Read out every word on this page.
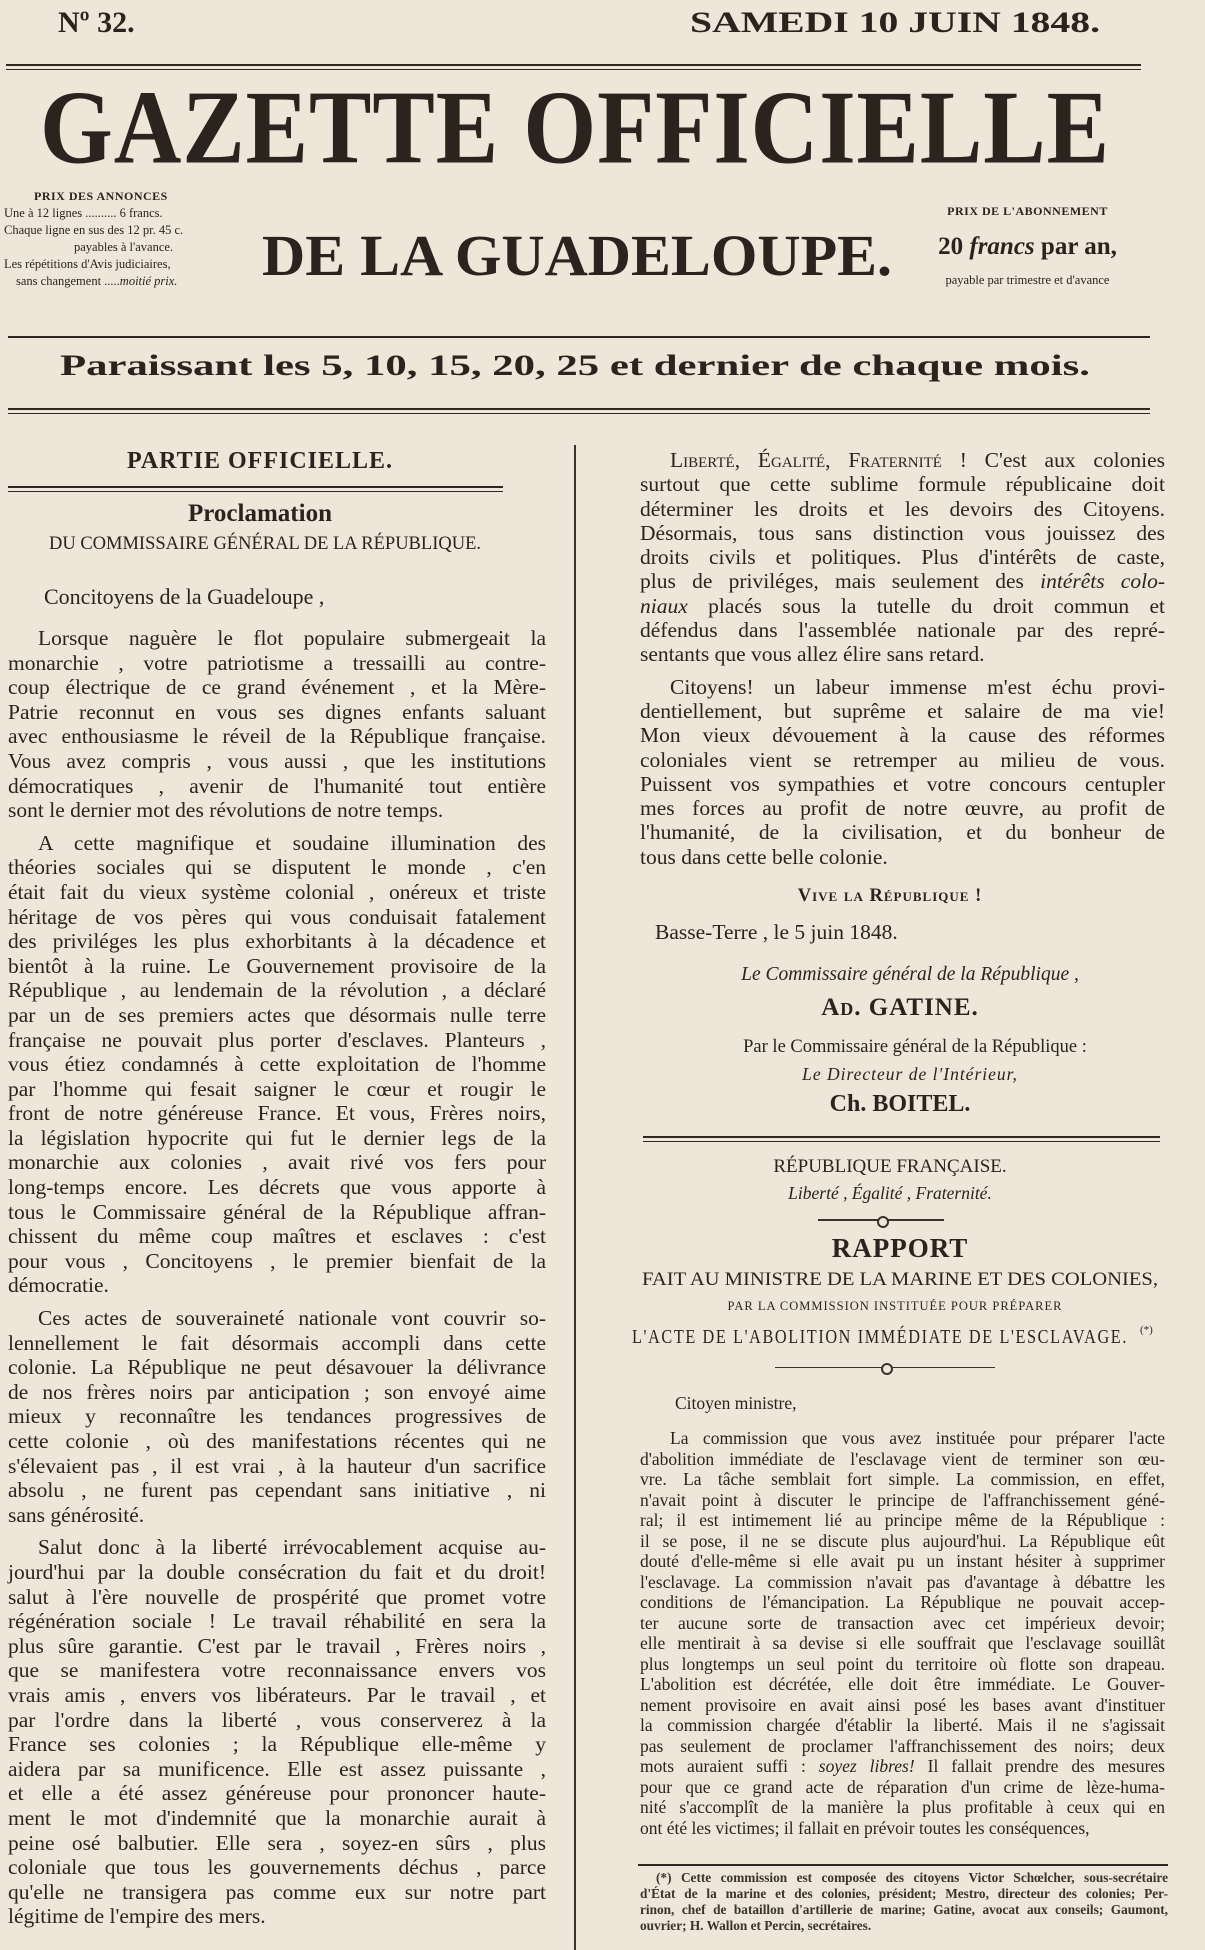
Nº 32.	SAMEDI 10 JUIN 1848.
GAZETTE OFFICIELLE
PRIX DES ANNONCES
Une à 12 lignes .......... 6 francs.
Chaque ligne en sus des 12 pr. 45 c.
payables à l'avance.
Les répétitions d'Avis judiciaires,
sans changement .....moitié prix.	DE LA GUADELOUPE.
PRIX DE L'ABONNEMENT
20 francs par an,
payable par trimestre et d'avance
Paraissant les 5, 10, 15, 20, 25 et dernier de chaque mois.
PARTIE OFFICIELLE.
Proclamation
DU COMMISSAIRE GÉNÉRAL DE LA RÉPUBLIQUE.
Concitoyens de la Guadeloupe ,
Lorsque naguère le flot populaire submergeait la
monarchie , votre patriotisme a tressailli au contre-
coup électrique de ce grand événement , et la Mère-
Patrie reconnut en vous ses dignes enfants saluant
avec enthousiasme le réveil de la République française.
Vous avez compris , vous aussi , que les institutions
démocratiques , avenir de l'humanité tout entière
sont le dernier mot des révolutions de notre temps.
A cette magnifique et soudaine illumination des
théories sociales qui se disputent le monde , c'en
était fait du vieux système colonial , onéreux et triste
héritage de vos pères qui vous conduisait fatalement
des priviléges les plus exhorbitants à la décadence et
bientôt à la ruine. Le Gouvernement provisoire de la
République , au lendemain de la révolution , a déclaré
par un de ses premiers actes que désormais nulle terre
française ne pouvait plus porter d'esclaves. Planteurs ,
vous étiez condamnés à cette exploitation de l'homme
par l'homme qui fesait saigner le cœur et rougir le
front de notre généreuse France. Et vous, Frères noirs,
la législation hypocrite qui fut le dernier legs de la
monarchie aux colonies , avait rivé vos fers pour
long-temps encore. Les décrets que vous apporte à
tous le Commissaire général de la République affran-
chissent du même coup maîtres et esclaves : c'est
pour vous , Concitoyens , le premier bienfait de la
démocratie.
Ces actes de souveraineté nationale vont couvrir so-
lennellement le fait désormais accompli dans cette
colonie. La République ne peut désavouer la délivrance
de nos frères noirs par anticipation ; son envoyé aime
mieux y reconnaître les tendances progressives de
cette colonie , où des manifestations récentes qui ne
s'élevaient pas , il est vrai , à la hauteur d'un sacrifice
absolu , ne furent pas cependant sans initiative , ni
sans générosité.
Salut donc à la liberté irrévocablement acquise au-
jourd'hui par la double consécration du fait et du droit!
salut à l'ère nouvelle de prospérité que promet votre
régénération sociale ! Le travail réhabilité en sera la
plus sûre garantie. C'est par le travail , Frères noirs ,
que se manifestera votre reconnaissance envers vos
vrais amis , envers vos libérateurs. Par le travail , et
par l'ordre dans la liberté , vous conserverez à la
France ses colonies ; la République elle-même y
aidera par sa munificence. Elle est assez puissante ,
et elle a été assez généreuse pour prononcer haute-
ment le mot d'indemnité que la monarchie aurait à
peine osé balbutier. Elle sera , soyez-en sûrs , plus
coloniale que tous les gouvernements déchus , parce
qu'elle ne transigera pas comme eux sur notre part
légitime de l'empire des mers.
Liberté, Égalité, Fraternité ! C'est aux colonies
surtout que cette sublime formule républicaine doit
déterminer les droits et les devoirs des Citoyens.
Désormais, tous sans distinction vous jouissez des
droits civils et politiques. Plus d'intérêts de caste,
plus de priviléges, mais seulement des intérêts colo-
niaux placés sous la tutelle du droit commun et
défendus dans l'assemblée nationale par des repré-
sentants que vous allez élire sans retard.
Citoyens! un labeur immense m'est échu provi-
dentiellement, but suprême et salaire de ma vie!
Mon vieux dévouement à la cause des réformes
coloniales vient se retremper au milieu de vous.
Puissent vos sympathies et votre concours centupler
mes forces au profit de notre œuvre, au profit de
l'humanité, de la civilisation, et du bonheur de
tous dans cette belle colonie.
Vive la République !
Basse-Terre , le 5 juin 1848.
Le Commissaire général de la République ,
Ad. GATINE.
Par le Commissaire général de la République :
Le Directeur de l'Intérieur,
Ch. BOITEL.
RÉPUBLIQUE FRANÇAISE.
Liberté , Égalité , Fraternité.
RAPPORT
FAIT AU MINISTRE DE LA MARINE ET DES COLONIES,
PAR LA COMMISSION INSTITUÉE POUR PRÉPARER
L'ACTE DE L'ABOLITION IMMÉDIATE DE L'ESCLAVAGE. (*)
Citoyen ministre,
La commission que vous avez instituée pour préparer l'acte
d'abolition immédiate de l'esclavage vient de terminer son œu-
vre. La tâche semblait fort simple. La commission, en effet,
n'avait point à discuter le principe de l'affranchissement géné-
ral; il est intimement lié au principe même de la République :
il se pose, il ne se discute plus aujourd'hui. La République eût
douté d'elle-même si elle avait pu un instant hésiter à supprimer
l'esclavage. La commission n'avait pas d'avantage à débattre les
conditions de l'émancipation. La République ne pouvait accep-
ter aucune sorte de transaction avec cet impérieux devoir;
elle mentirait à sa devise si elle souffrait que l'esclavage souillât
plus longtemps un seul point du territoire où flotte son drapeau.
L'abolition est décrétée, elle doit être immédiate. Le Gouver-
nement provisoire en avait ainsi posé les bases avant d'instituer
la commission chargée d'établir la liberté. Mais il ne s'agissait
pas seulement de proclamer l'affranchissement des noirs; deux
mots auraient suffi : soyez libres! Il fallait prendre des mesures
pour que ce grand acte de réparation d'un crime de lèze-huma-
nité s'accomplît de la manière la plus profitable à ceux qui en
ont été les victimes; il fallait en prévoir toutes les conséquences,
(*) Cette commission est composée des citoyens Victor Schœlcher, sous-secrétaire
d'État de la marine et des colonies, président; Mestro, directeur des colonies; Per-
rinon, chef de bataillon d'artillerie de marine; Gatine, avocat aux conseils; Gaumont,
ouvrier; H. Wallon et Percin, secrétaires.
